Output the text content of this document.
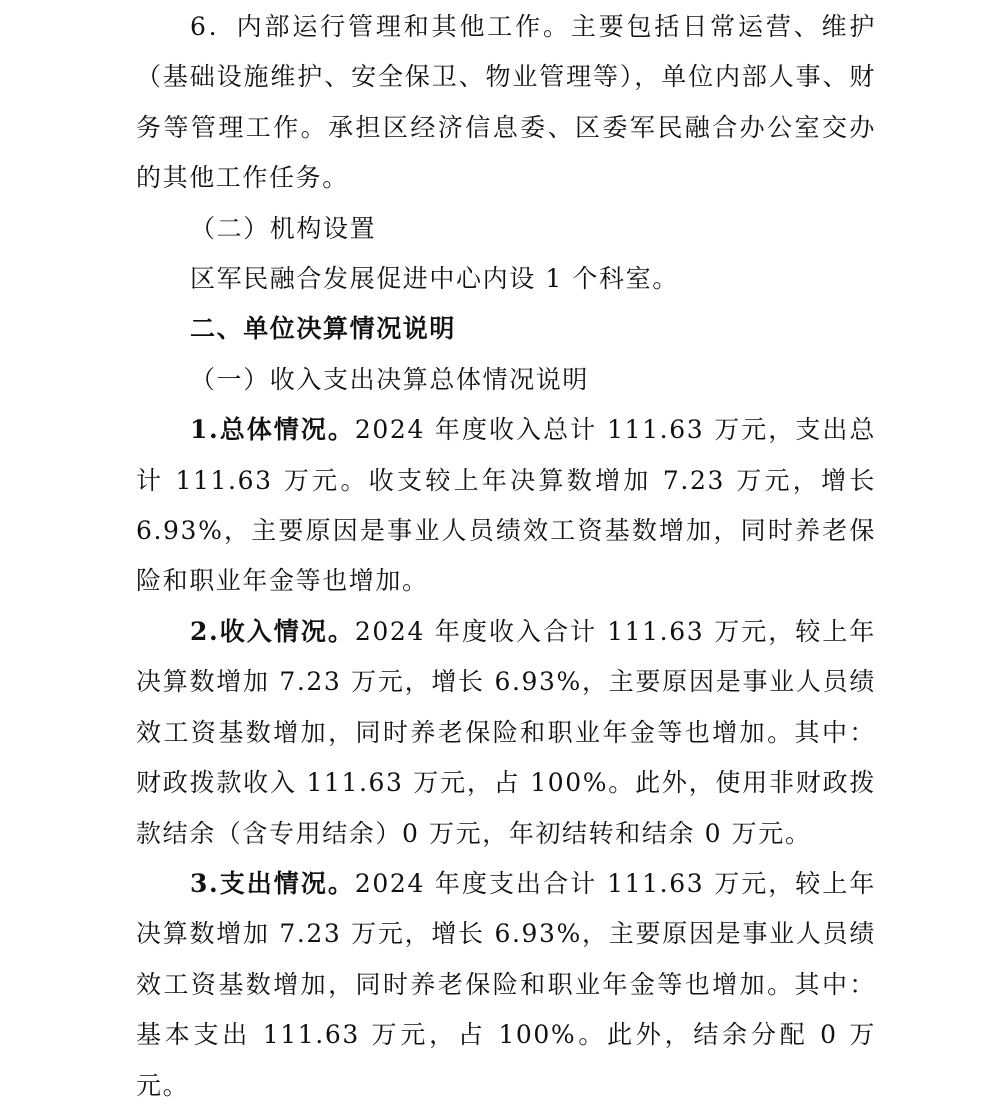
6．内部运行管理和其他工作。主要包括日常运营、维护（基础设施维护、安全保卫、物业管理等），单位内部人事、财务等管理工作。承担区经济信息委、区委军民融合办公室交办的其他工作任务。

（二）机构设置

区军民融合发展促进中心内设 1 个科室。

二、单位决算情况说明

（一）收入支出决算总体情况说明

1.总体情况。2024 年度收入总计 111.63 万元，支出总计 111.63 万元。收支较上年决算数增加 7.23 万元，增长 6.93%，主要原因是事业人员绩效工资基数增加，同时养老保险和职业年金等也增加。

2.收入情况。2024 年度收入合计 111.63 万元，较上年决算数增加 7.23 万元，增长 6.93%，主要原因是事业人员绩效工资基数增加，同时养老保险和职业年金等也增加。其中：财政拨款收入 111.63 万元，占 100%。此外，使用非财政拨款结余（含专用结余）0 万元，年初结转和结余 0 万元。

3.支出情况。2024 年度支出合计 111.63 万元，较上年决算数增加 7.23 万元，增长 6.93%，主要原因是事业人员绩效工资基数增加，同时养老保险和职业年金等也增加。其中：基本支出 111.63 万元，占 100%。此外，结余分配 0 万元。
